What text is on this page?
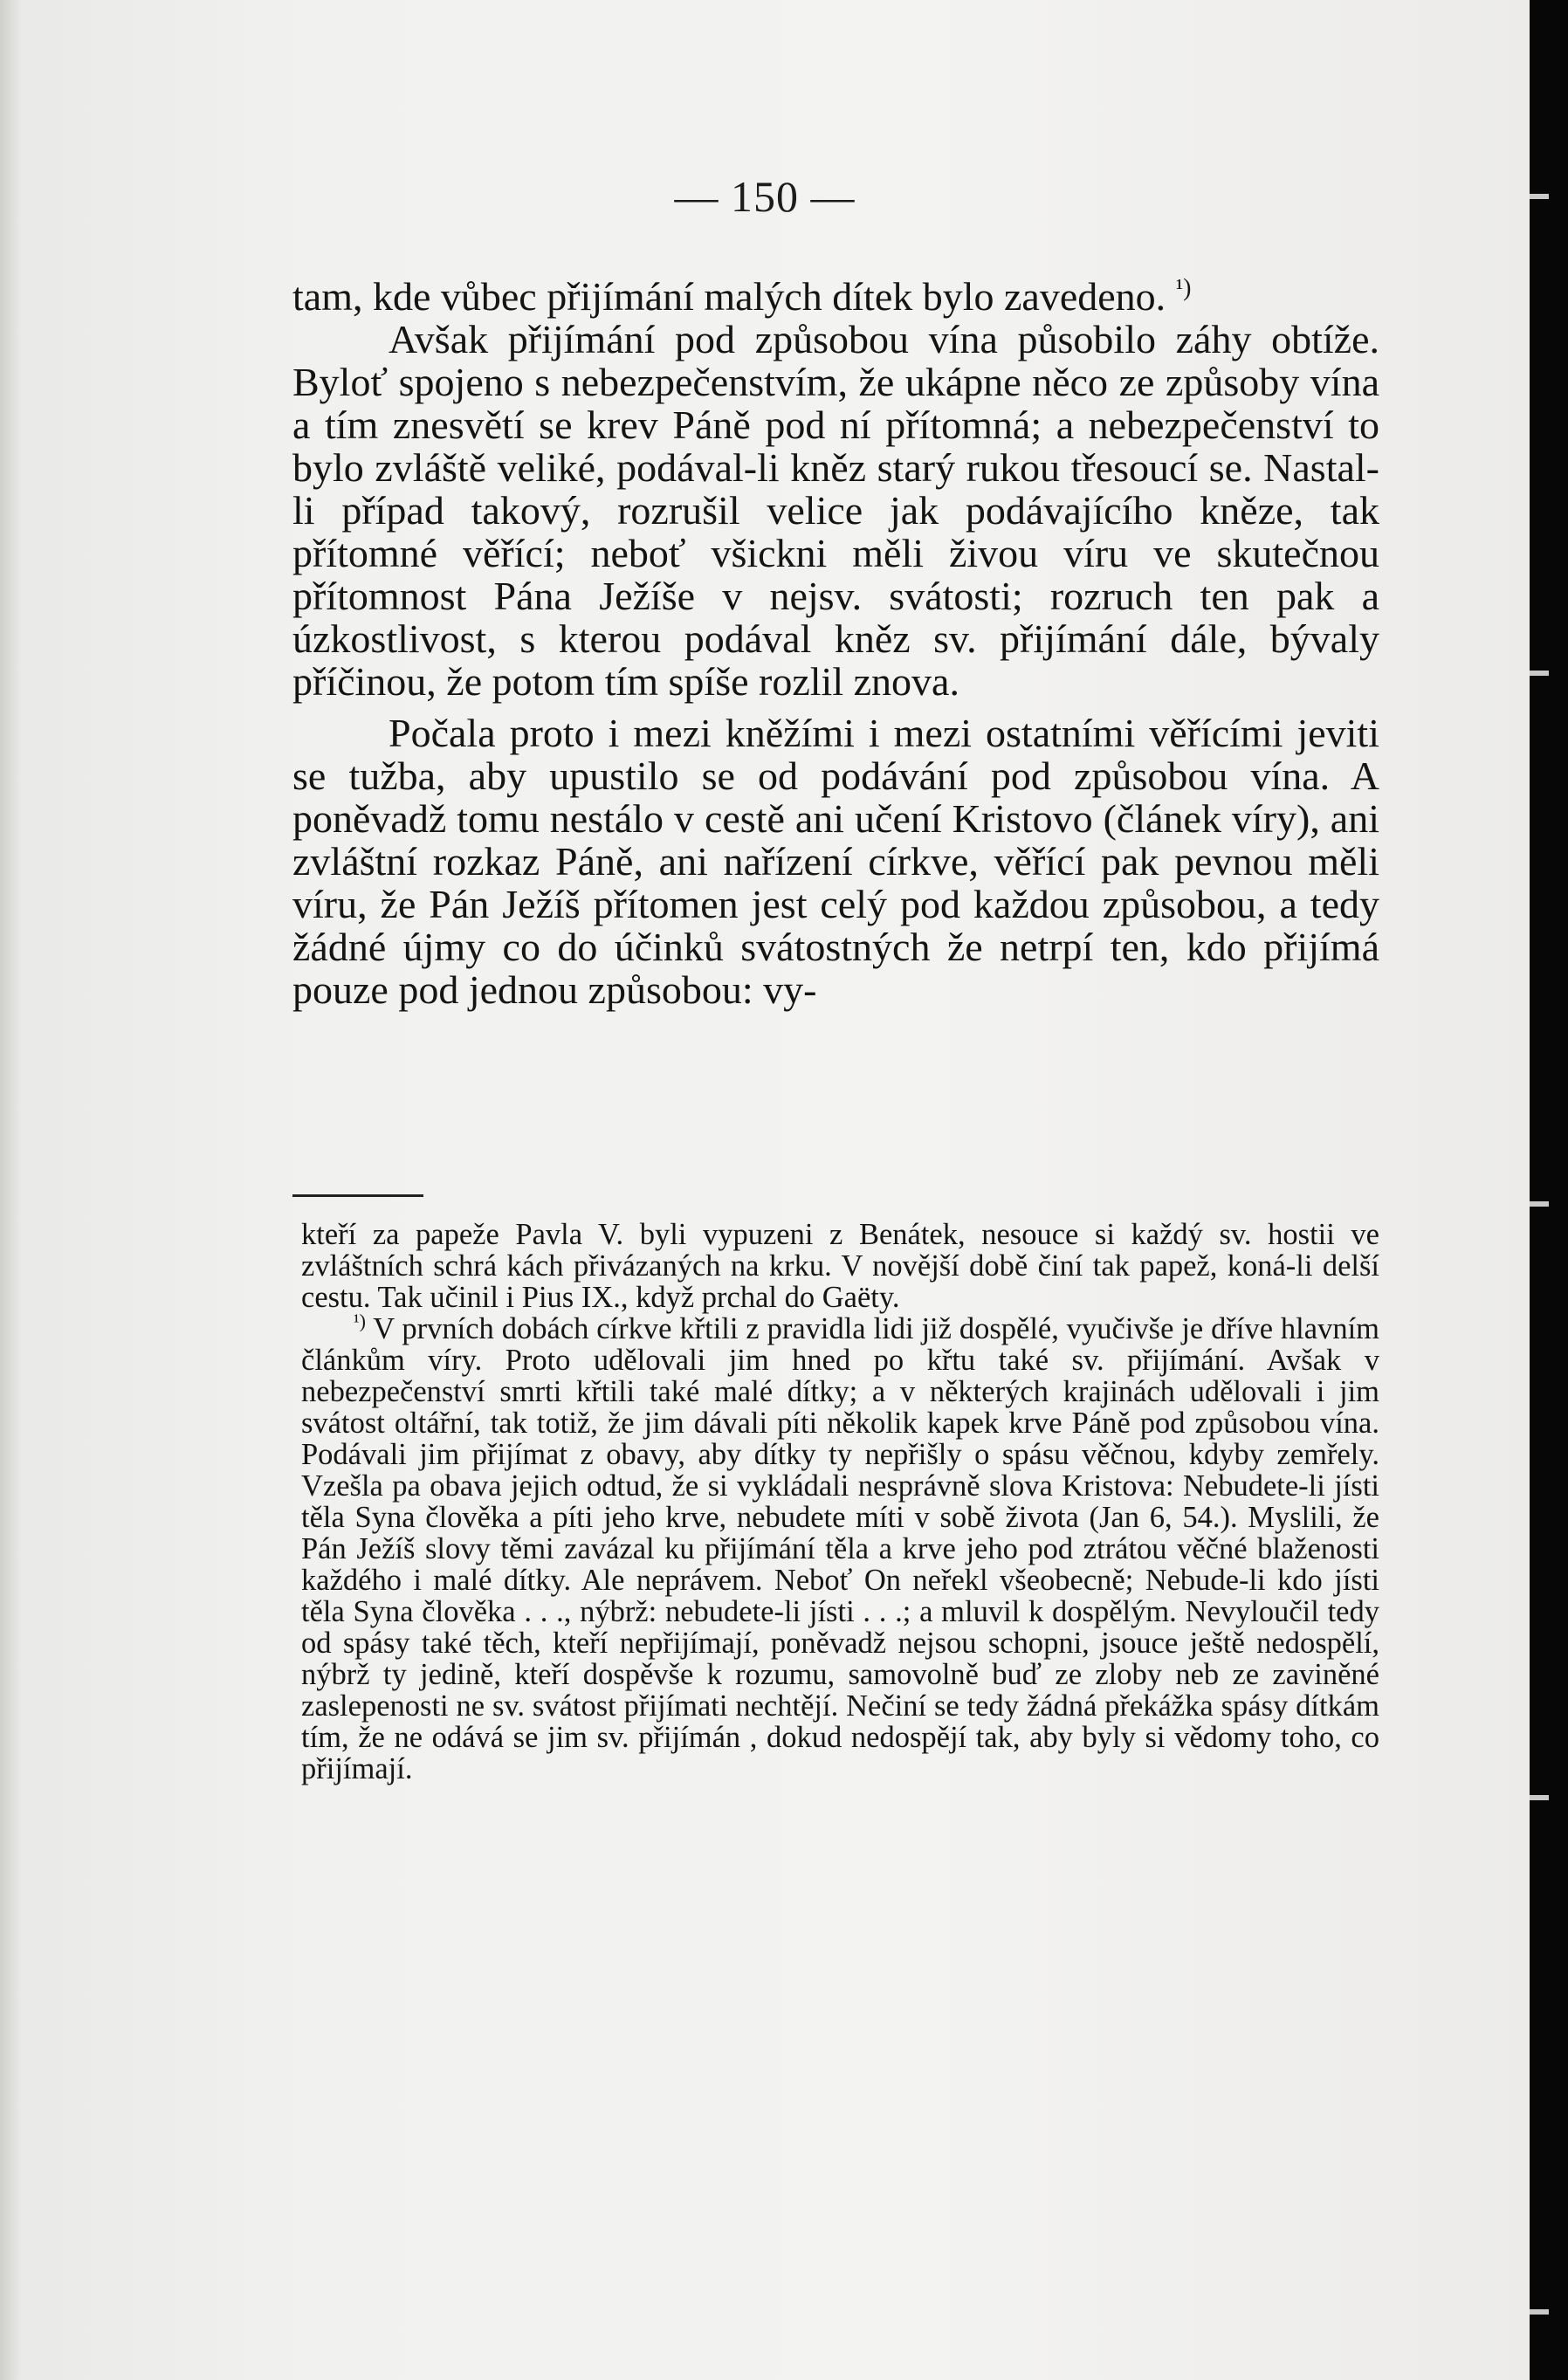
— 150 —

tam, kde vůbec přijímání malých dítek bylo zavedeno. $^{^1)}$

Avšak přijímání pod způsobou vína působilo záhy obtíže. Byloť spojeno s nebezpečenstvím, že ukápne něco ze způsoby vína a tím znesvětí se krev Páně pod ní přítomná; a nebezpečenství to bylo zvláště veliké, podával-li kněz starý rukou třesoucí se. Nastal-li případ takový, rozrušil velice jak podávajícího kněze, tak přítomné věřící; neboť všickni měli živou víru ve skutečnou přítomnost Pána Ježíše v nejsv. svátosti; rozruch ten pak a úzkostlivost, s kterou podával kněz sv. přijímání dále, bývaly příčinou, že potom tím spíše rozlil znova.

Počala proto i mezi kněžími i mezi ostatními věřícími jeviti se tužba, aby upustilo se od podávání pod způsobou vína. A poněvadž tomu nestálo v cestě ani učení Kristovo (článek víry), ani zvláštní rozkaz Páně, ani nařízení církve, věřící pak pevnou měli víru, že Pán Ježíš přítomen jest celý pod každou způsobou, a tedy žádné újmy co do účinků svátostných že netrpí ten, kdo přijímá pouze pod jednou způsobou: vy-

kteří za papeže Pavla V. byli vypuzeni z Benátek, nesouce si každý sv. hostii ve zvláštních schrá kách přivázaných na krku. V novější době činí tak papež, koná-li delší cestu. Tak učinil i Pius IX., když prchal do Gaëty.

$^{^1)}$ V prvních dobách církve křtili z pravidla lidi již dospělé, vyučivše je dříve hlavním článkům víry. Proto udělovali jim hned po křtu také sv. přijímání. Avšak v nebezpečenství smrti křtili také malé dítky; a v některých krajinách udělovali i jim svátost oltářní, tak totiž, že jim dávali píti několik kapek krve Páně pod způsobou vína. Podávali jim přijímat z obavy, aby dítky ty nepřišly o spásu věčnou, kdyby zemřely. Vzešla pa obava jejich odtud, že si vykládali nesprávně slova Kristova: Nebudete-li jísti těla Syna člověka a píti jeho krve, nebudete míti v sobě života (Jan 6, 54.). Myslili, že Pán Ježíš slovy těmi zavázal ku přijímání těla a krve jeho pod ztrátou věčné blaženosti každého i malé dítky. Ale neprávem. Neboť On neřekl všeobecně; Nebude-li kdo jísti těla Syna člověka . . ., nýbrž: nebudete-li jísti . . .; a mluvil k dospělým. Nevyloučil tedy od spásy také těch, kteří nepřijímají, poněvadž nejsou schopni, jsouce ještě nedospělí, nýbrž ty jedině, kteří dospěvše k rozumu, samovolně buď ze zloby neb ze zaviněné zaslepenosti ne sv. svátost přijímati nechtějí. Nečiní se tedy žádná překážka spásy dítkám tím, že ne odává se jim sv. přijímán , dokud nedospějí tak, aby byly si vědomy toho, co přijímají.
